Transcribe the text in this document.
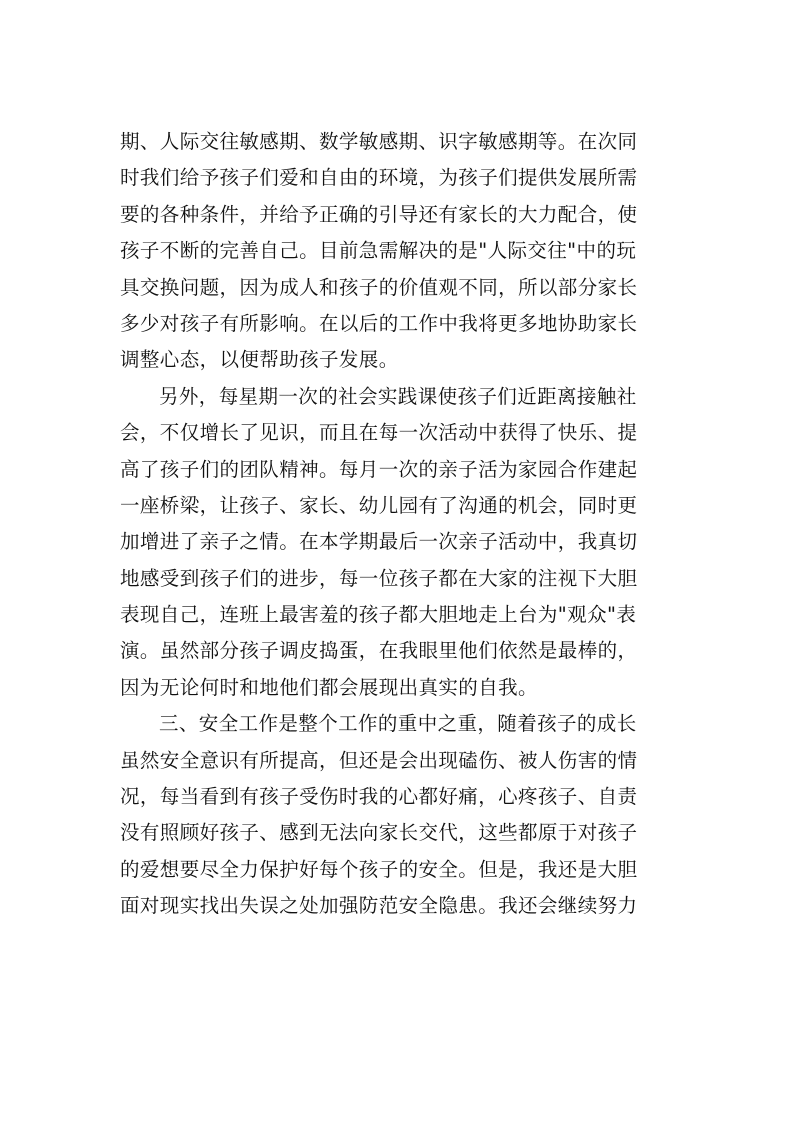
期、人际交往敏感期、数学敏感期、识字敏感期等。在次同
时我们给予孩子们爱和自由的环境，为孩子们提供发展所需
要的各种条件，并给予正确的引导还有家长的大力配合，使
孩子不断的完善自己。目前急需解决的是"人际交往"中的玩
具交换问题，因为成人和孩子的价值观不同，所以部分家长
多少对孩子有所影响。在以后的工作中我将更多地协助家长
调整心态，以便帮助孩子发展。
另外，每星期一次的社会实践课使孩子们近距离接触社
会，不仅增长了见识，而且在每一次活动中获得了快乐、提
高了孩子们的团队精神。每月一次的亲子活为家园合作建起
一座桥梁，让孩子、家长、幼儿园有了沟通的机会，同时更
加增进了亲子之情。在本学期最后一次亲子活动中，我真切
地感受到孩子们的进步，每一位孩子都在大家的注视下大胆
表现自己，连班上最害羞的孩子都大胆地走上台为"观众"表
演。虽然部分孩子调皮捣蛋，在我眼里他们依然是最棒的，
因为无论何时和地他们都会展现出真实的自我。
三、安全工作是整个工作的重中之重，随着孩子的成长
虽然安全意识有所提高，但还是会出现磕伤、被人伤害的情
况，每当看到有孩子受伤时我的心都好痛，心疼孩子、自责
没有照顾好孩子、感到无法向家长交代，这些都原于对孩子
的爱想要尽全力保护好每个孩子的安全。但是，我还是大胆
面对现实找出失误之处加强防范安全隐患。我还会继续努力
